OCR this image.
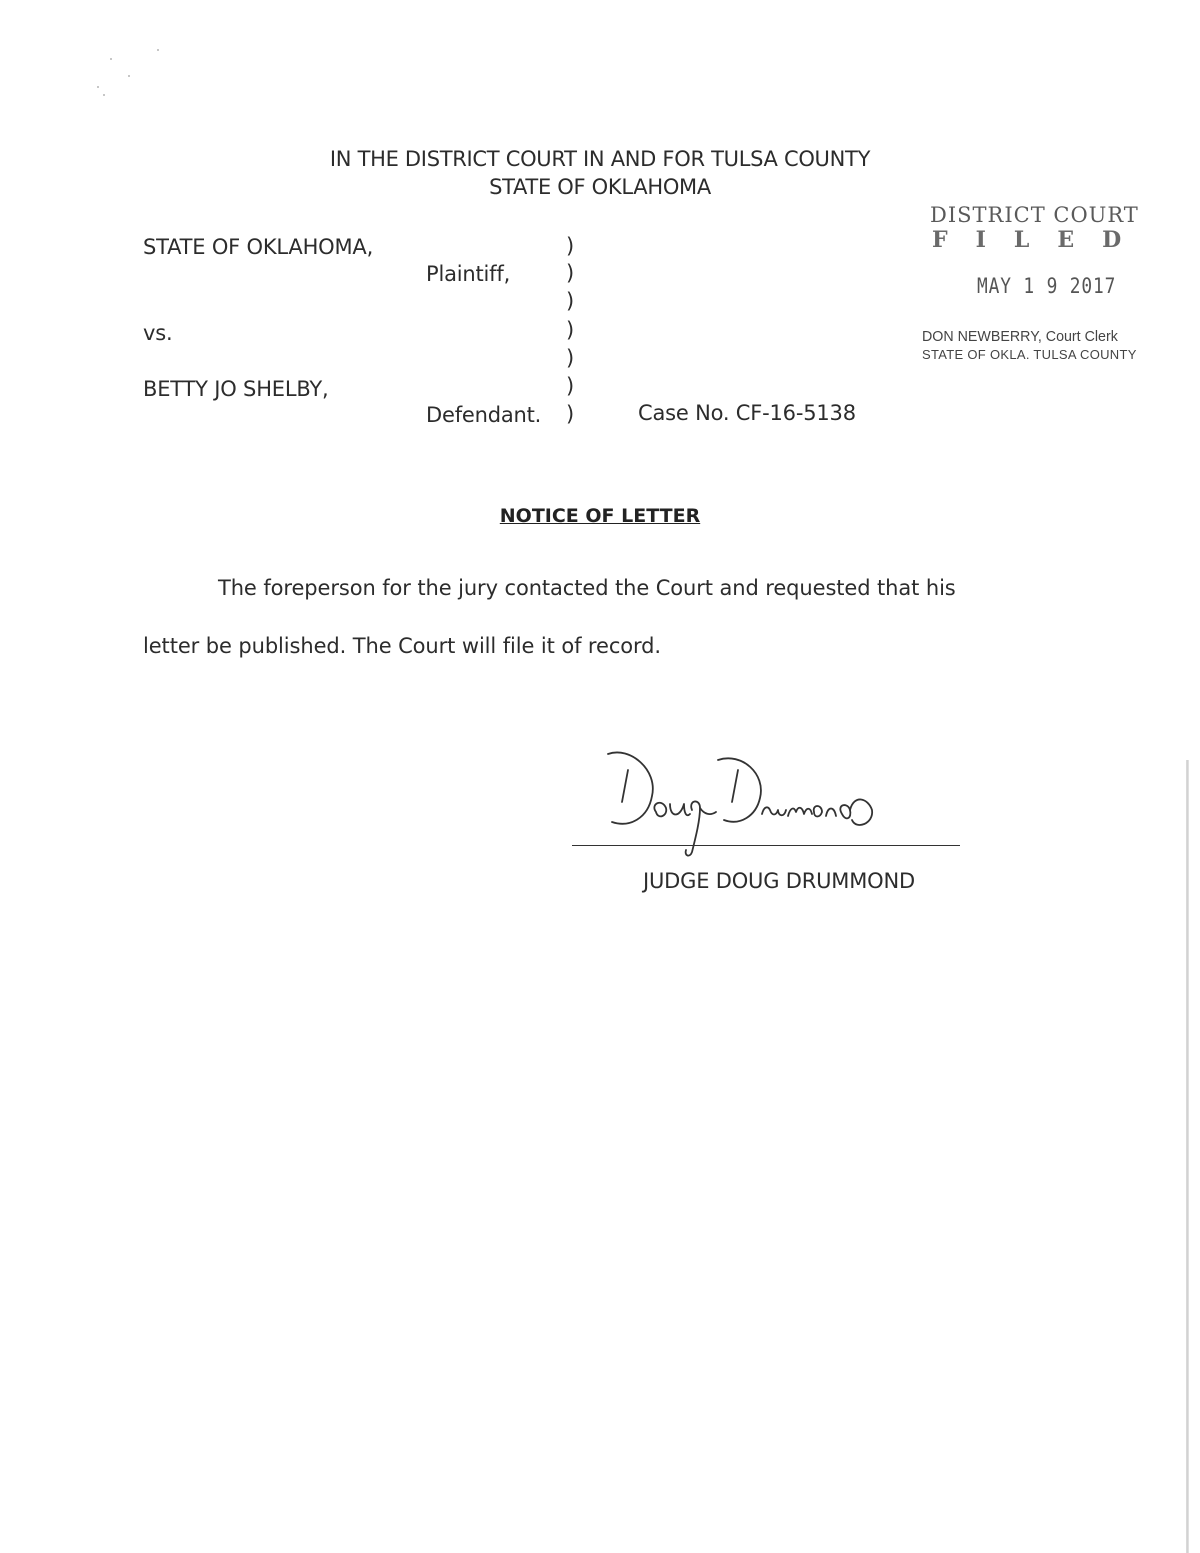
IN THE DISTRICT COURT IN AND FOR TULSA COUNTY
STATE OF OKLAHOMA
DISTRICT COURT
FILED
MAY 1 9 2017
DON NEWBERRY, Court Clerk
STATE OF OKLA. TULSA COUNTY
STATE OF OKLAHOMA,
Plaintiff,
vs.
BETTY JO SHELBY,
Defendant.
)
)
)
)
)
)
)	Case No. CF-16-5138
NOTICE OF LETTER
The foreperson for the jury contacted the Court and requested that his
letter be published. The Court will file it of record.
JUDGE DOUG DRUMMOND
